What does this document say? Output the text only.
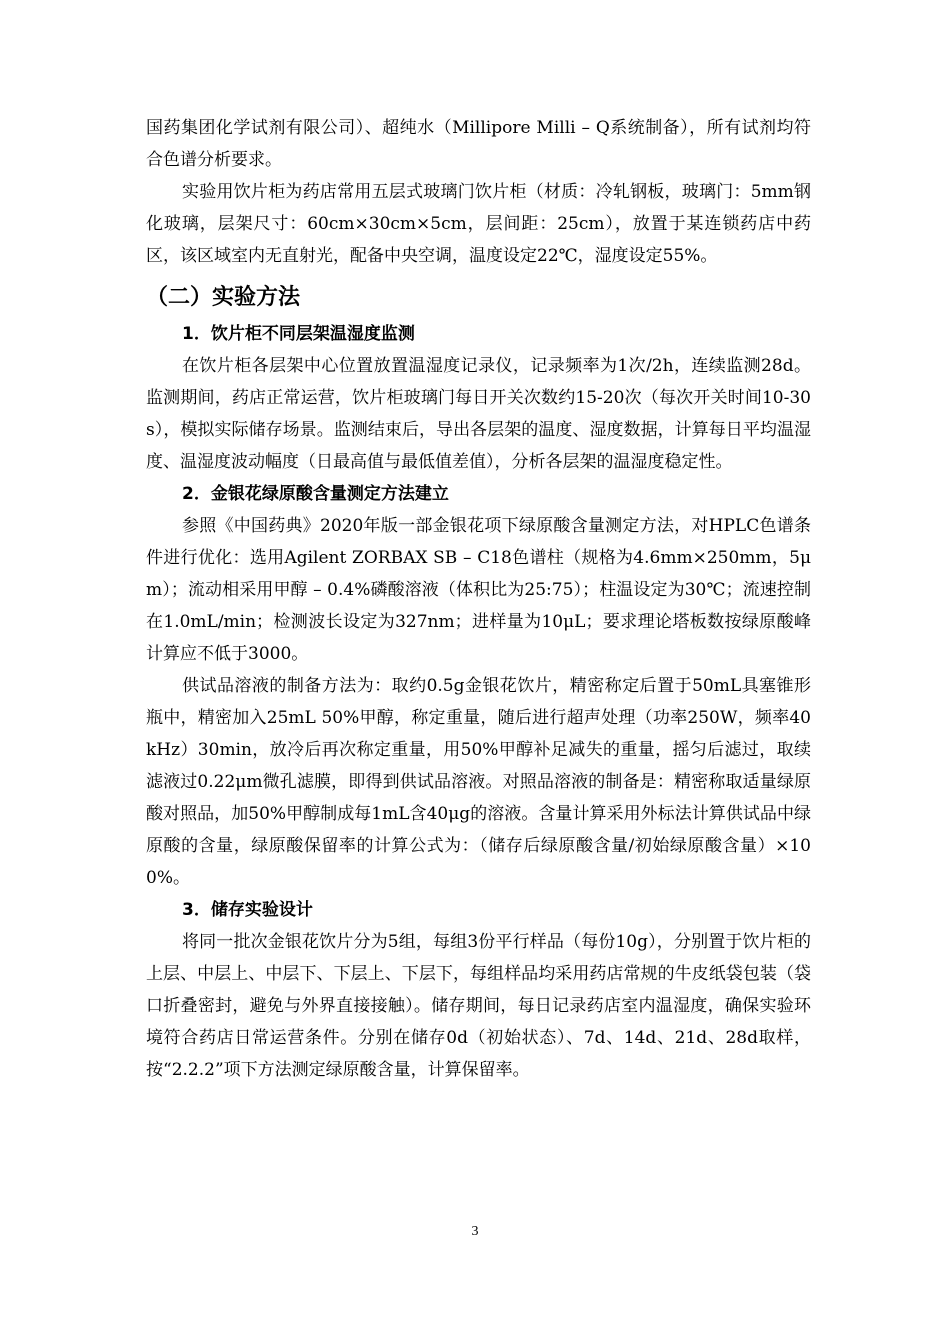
国药集团化学试剂有限公司）、超纯水（Millipore Milli – Q系统制备），所有试剂均符合色谱分析要求。

实验用饮片柜为药店常用五层式玻璃门饮片柜（材质：冷轧钢板，玻璃门：5mm钢化玻璃，层架尺寸：60cm×30cm×5cm，层间距：25cm），放置于某连锁药店中药区，该区域室内无直射光，配备中央空调，温度设定22℃，湿度设定55%。

（二）实验方法
1．饮片柜不同层架温湿度监测

在饮片柜各层架中心位置放置温湿度记录仪，记录频率为1次/2h，连续监测28d。监测期间，药店正常运营，饮片柜玻璃门每日开关次数约15-20次（每次开关时间10-30s），模拟实际储存场景。监测结束后，导出各层架的温度、湿度数据，计算每日平均温湿度、温湿度波动幅度（日最高值与最低值差值），分析各层架的温湿度稳定性。

2．金银花绿原酸含量测定方法建立

参照《中国药典》2020年版一部金银花项下绿原酸含量测定方法，对HPLC色谱条件进行优化：选用Agilent ZORBAX SB – C18色谱柱（规格为4.6mm×250mm，5μm）；流动相采用甲醇 – 0.4%磷酸溶液（体积比为25:75）；柱温设定为30℃；流速控制在1.0mL/min；检测波长设定为327nm；进样量为10μL；要求理论塔板数按绿原酸峰计算应不低于3000。

供试品溶液的制备方法为：取约0.5g金银花饮片，精密称定后置于50mL具塞锥形瓶中，精密加入25mL 50%甲醇，称定重量，随后进行超声处理（功率250W，频率40kHz）30min，放冷后再次称定重量，用50%甲醇补足减失的重量，摇匀后滤过，取续滤液过0.22μm微孔滤膜，即得到供试品溶液。对照品溶液的制备是：精密称取适量绿原酸对照品，加50%甲醇制成每1mL含40μg的溶液。含量计算采用外标法计算供试品中绿原酸的含量，绿原酸保留率的计算公式为：（储存后绿原酸含量/初始绿原酸含量）×100%。

3．储存实验设计

将同一批次金银花饮片分为5组，每组3份平行样品（每份10g），分别置于饮片柜的上层、中层上、中层下、下层上、下层下，每组样品均采用药店常规的牛皮纸袋包装（袋口折叠密封，避免与外界直接接触）。储存期间，每日记录药店室内温湿度，确保实验环境符合药店日常运营条件。分别在储存0d（初始状态）、7d、14d、21d、28d取样，按“2.2.2”项下方法测定绿原酸含量，计算保留率。

3
